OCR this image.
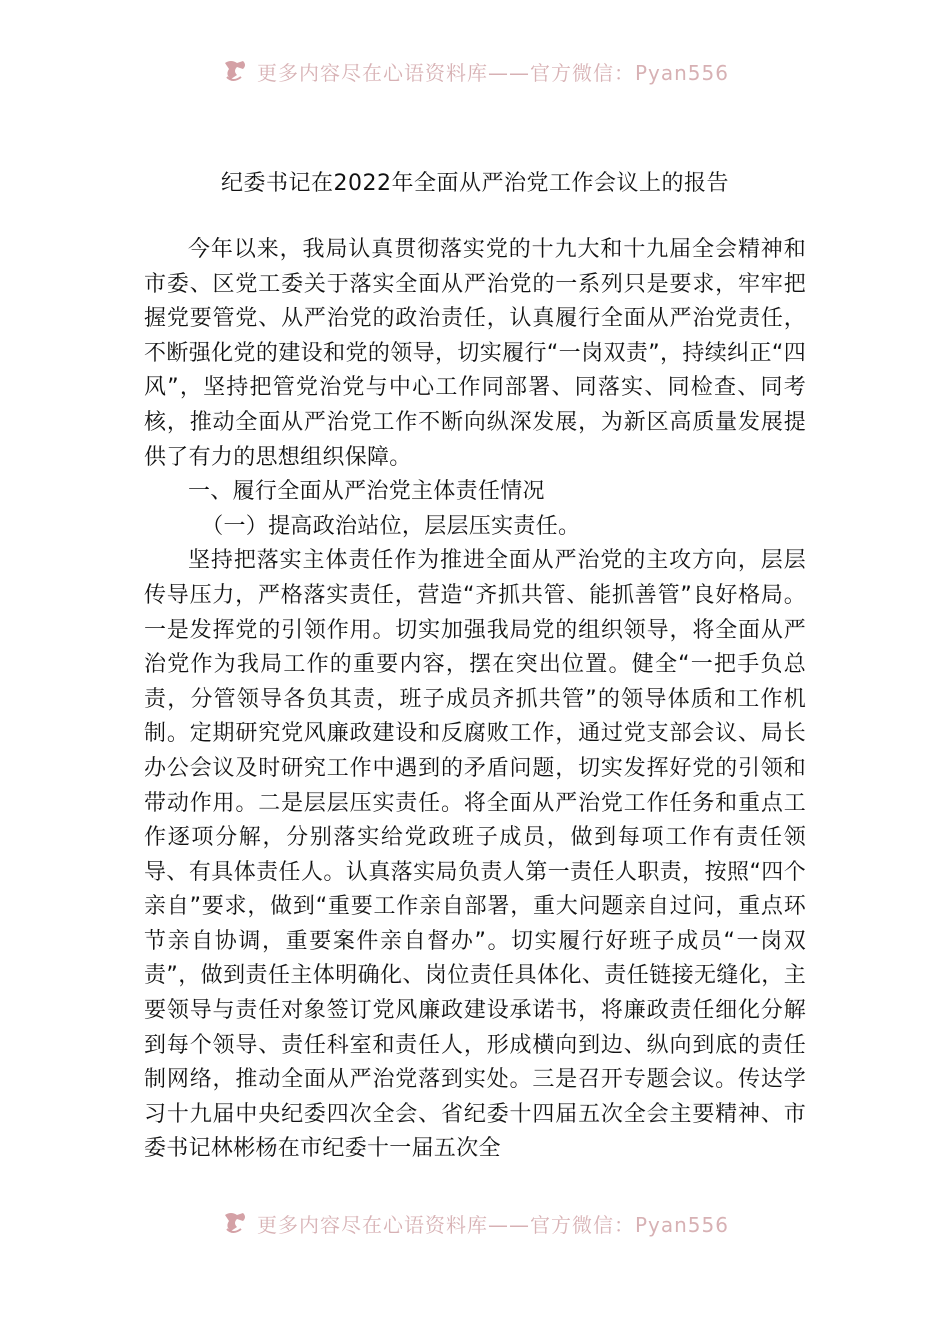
更多内容尽在心语资料库——官方微信：Pyan556
纪委书记在2022年全面从严治党工作会议上的报告

今年以来，我局认真贯彻落实党的十九大和十九届全会精神和市委、区党工委关于落实全面从严治党的一系列只是要求，牢牢把握党要管党、从严治党的政治责任，认真履行全面从严治党责任，不断强化党的建设和党的领导，切实履行“一岗双责”，持续纠正“四风”，坚持把管党治党与中心工作同部署、同落实、同检查、同考核，推动全面从严治党工作不断向纵深发展，为新区高质量发展提供了有力的思想组织保障。

一、履行全面从严治党主体责任情况

（一）提高政治站位，层层压实责任。

坚持把落实主体责任作为推进全面从严治党的主攻方向，层层传导压力，严格落实责任，营造“齐抓共管、能抓善管”良好格局。一是发挥党的引领作用。切实加强我局党的组织领导，将全面从严治党作为我局工作的重要内容，摆在突出位置。健全“一把手负总责，分管领导各负其责，班子成员齐抓共管”的领导体质和工作机制。定期研究党风廉政建设和反腐败工作，通过党支部会议、局长办公会议及时研究工作中遇到的矛盾问题，切实发挥好党的引领和带动作用。二是层层压实责任。将全面从严治党工作任务和重点工作逐项分解，分别落实给党政班子成员，做到每项工作有责任领导、有具体责任人。认真落实局负责人第一责任人职责，按照“四个亲自”要求，做到“重要工作亲自部署，重大问题亲自过问，重点环节亲自协调，重要案件亲自督办”。切实履行好班子成员“一岗双责”，做到责任主体明确化、岗位责任具体化、责任链接无缝化，主要领导与责任对象签订党风廉政建设承诺书，将廉政责任细化分解到每个领导、责任科室和责任人，形成横向到边、纵向到底的责任制网络，推动全面从严治党落到实处。三是召开专题会议。传达学习十九届中央纪委四次全会、省纪委十四届五次全会主要精神、市委书记林彬杨在市纪委十一届五次全

更多内容尽在心语资料库——官方微信：Pyan556
